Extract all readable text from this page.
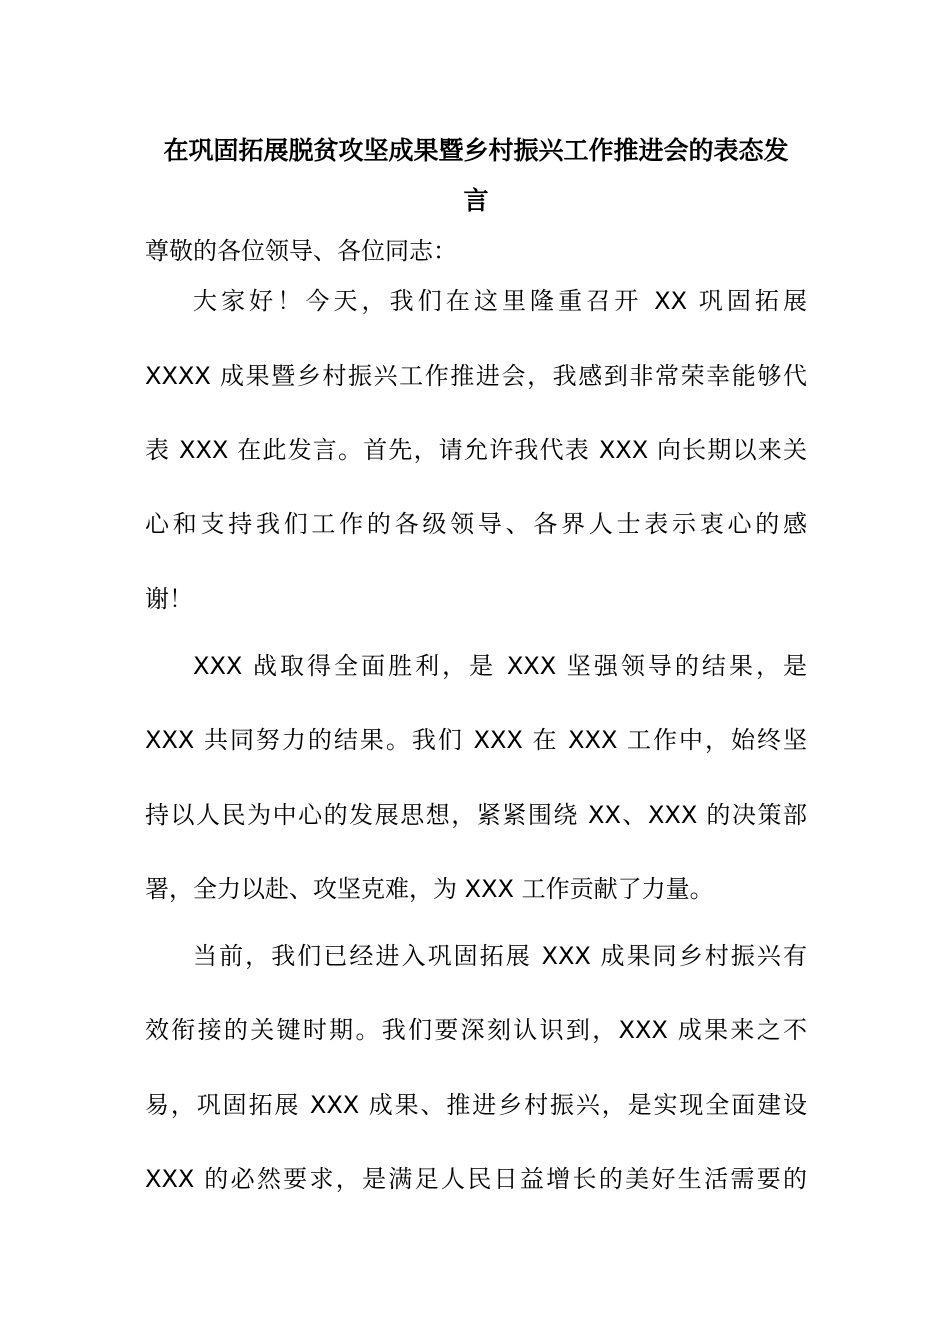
在巩固拓展脱贫攻坚成果暨乡村振兴工作推进会的表态发
言

尊敬的各位领导、各位同志：

大家好！今天，我们在这里隆重召开 XX 巩固拓展

XXXX 成果暨乡村振兴工作推进会，我感到非常荣幸能够代

表 XXX 在此发言。首先，请允许我代表 XXX 向长期以来关

心和支持我们工作的各级领导、各界人士表示衷心的感

谢！

XXX 战取得全面胜利，是 XXX 坚强领导的结果，是

XXX 共同努力的结果。我们 XXX 在 XXX 工作中，始终坚

持以人民为中心的发展思想，紧紧围绕 XX、XXX 的决策部

署，全力以赴、攻坚克难，为 XXX 工作贡献了力量。

当前，我们已经进入巩固拓展 XXX 成果同乡村振兴有

效衔接的关键时期。我们要深刻认识到，XXX 成果来之不

易，巩固拓展 XXX 成果、推进乡村振兴，是实现全面建设

XXX 的必然要求，是满足人民日益增长的美好生活需要的
